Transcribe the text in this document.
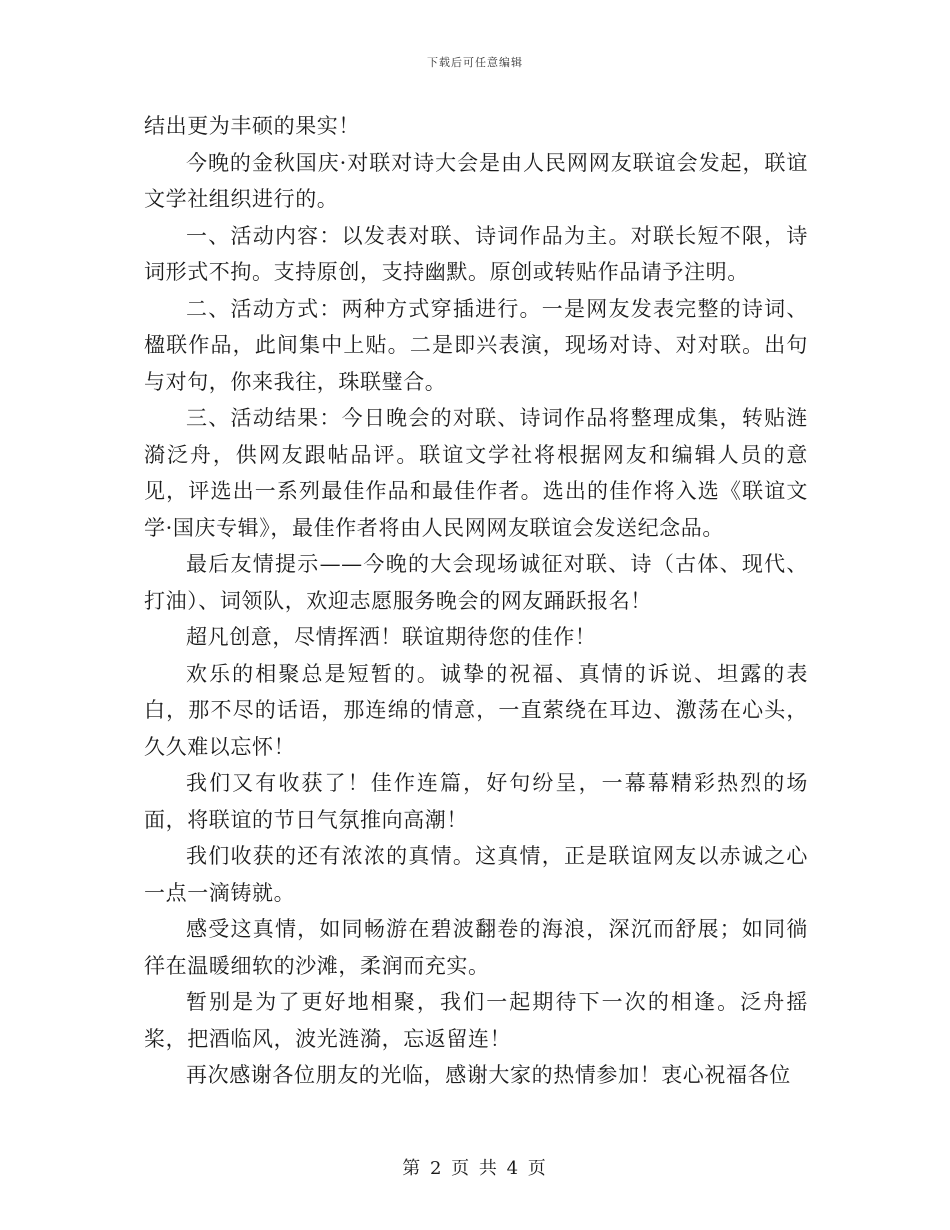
下载后可任意编辑

结出更为丰硕的果实！

今晚的金秋国庆·对联对诗大会是由人民网网友联谊会发起，联谊文学社组织进行的。

一、活动内容：以发表对联、诗词作品为主。对联长短不限，诗词形式不拘。支持原创，支持幽默。原创或转贴作品请予注明。

二、活动方式：两种方式穿插进行。一是网友发表完整的诗词、楹联作品，此间集中上贴。二是即兴表演，现场对诗、对对联。出句与对句，你来我往，珠联璧合。

三、活动结果：今日晚会的对联、诗词作品将整理成集，转贴涟漪泛舟，供网友跟帖品评。联谊文学社将根据网友和编辑人员的意见，评选出一系列最佳作品和最佳作者。选出的佳作将入选《联谊文学·国庆专辑》，最佳作者将由人民网网友联谊会发送纪念品。

最后友情提示——今晚的大会现场诚征对联、诗（古体、现代、打油）、词领队，欢迎志愿服务晚会的网友踊跃报名！

超凡创意，尽情挥洒！联谊期待您的佳作！

欢乐的相聚总是短暂的。诚挚的祝福、真情的诉说、坦露的表白，那不尽的话语，那连绵的情意，一直萦绕在耳边、激荡在心头，久久难以忘怀！

我们又有收获了！佳作连篇，好句纷呈，一幕幕精彩热烈的场面，将联谊的节日气氛推向高潮！

我们收获的还有浓浓的真情。这真情，正是联谊网友以赤诚之心一点一滴铸就。

感受这真情，如同畅游在碧波翻卷的海浪，深沉而舒展；如同徜徉在温暖细软的沙滩，柔润而充实。

暂别是为了更好地相聚，我们一起期待下一次的相逢。泛舟摇桨，把酒临风，波光涟漪，忘返留连！

再次感谢各位朋友的光临，感谢大家的热情参加！衷心祝福各位

第 2 页 共 4 页
